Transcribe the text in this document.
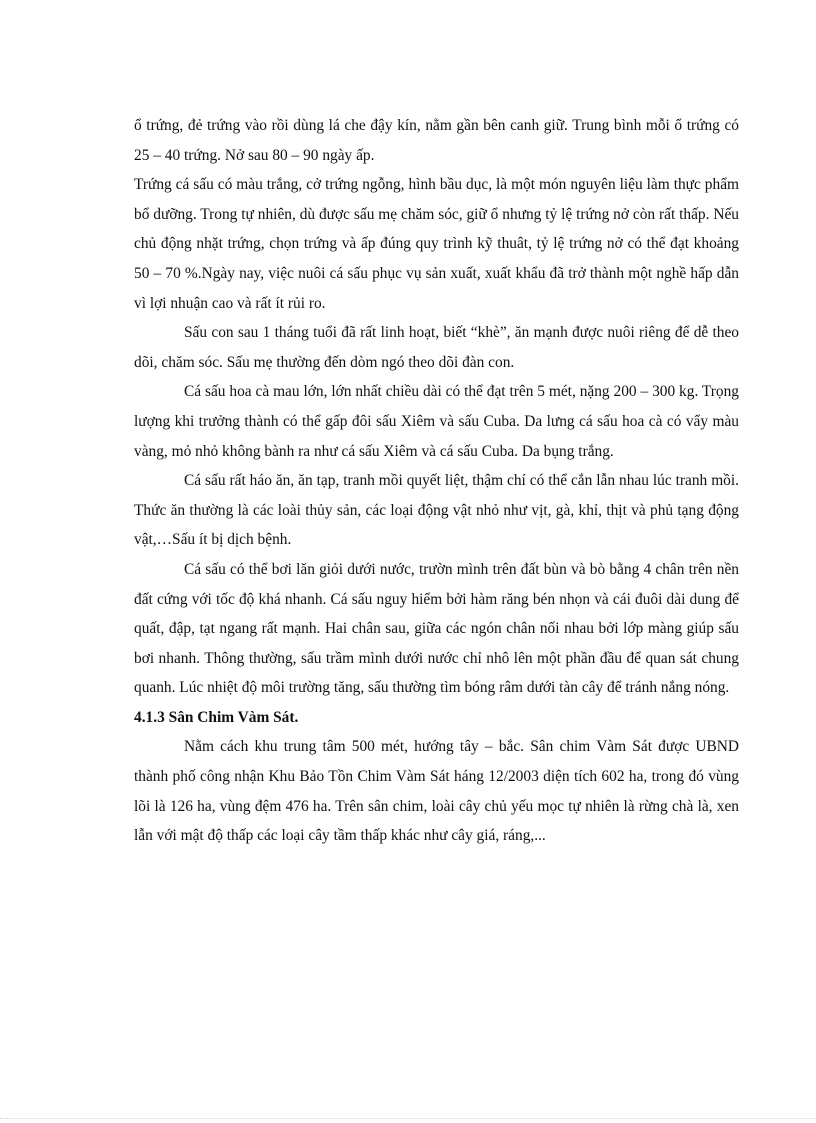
ổ trứng, đẻ trứng vào rồi dùng lá che đậy kín, nằm gần bên canh giữ. Trung bình mỗi ổ trứng có 25 – 40 trứng. Nở sau 80 – 90 ngày ấp.

Trứng cá sấu có màu trắng, cở trứng ngỗng, hình bầu dục, là một món nguyên liệu làm thực phẩm bổ dưỡng. Trong tự nhiên, dù được sấu mẹ chăm sóc, giữ ổ nhưng tỷ lệ trứng nở còn rất thấp. Nếu chủ động nhặt trứng, chọn trứng và ấp đúng quy trình kỹ thuât, tỷ lệ trứng nở có thể đạt khoảng 50 – 70 %.Ngày nay, việc nuôi cá sấu phục vụ sản xuất, xuất khẩu đã trở thành một nghề hấp dẫn vì lợi nhuận cao và rất ít rủi ro.

Sấu con sau 1 tháng tuổi đã rất linh hoạt, biết “khè”, ăn mạnh được nuôi riêng để dễ theo dõi, chăm sóc. Sấu mẹ thường đến dòm ngó theo dõi đàn con.

Cá sấu hoa cà mau lớn, lớn nhất chiều dài có thể đạt trên 5 mét, nặng 200 – 300 kg. Trọng lượng khi trưởng thành có thể gấp đôi sấu Xiêm và sấu Cuba. Da lưng cá sấu hoa cà có vẩy màu vàng, mỏ nhỏ không bành ra như cá sấu Xiêm và cá sấu Cuba. Da bụng trắng.

Cá sấu rất háo ăn, ăn tạp, tranh mồi quyết liệt, thậm chí có thể cắn lẫn nhau lúc tranh mồi. Thức ăn thường là các loài thủy sản, các loại động vật nhỏ như vịt, gà, khỉ, thịt và phủ tạng động vật,…Sấu ít bị dịch bệnh.

Cá sấu có thể bơi lăn giỏi dưới nước, trườn mình trên đất bùn và bò bằng 4 chân trên nền đất cứng với tốc độ khá nhanh. Cá sấu nguy hiểm bởi hàm răng bén nhọn và cái đuôi dài dung để quất, đập, tạt ngang rất mạnh. Hai chân sau, giữa các ngón chân nối nhau bởi lớp màng giúp sấu bơi nhanh. Thông thường, sấu trầm mình dưới nước chỉ nhô lên một phần đầu để quan sát chung quanh. Lúc nhiệt độ môi trường tăng, sấu thường tìm bóng râm dưới tàn cây để tránh nắng nóng.

4.1.3 Sân Chim Vàm Sát.

Nằm cách khu trung tâm 500 mét, hướng tây – bắc. Sân chim Vàm Sát được UBND thành phố công nhận Khu Bảo Tồn Chim Vàm Sát háng 12/2003 diện tích 602 ha, trong đó vùng lõi là 126 ha, vùng đệm 476 ha. Trên sân chim, loài cây chủ yếu mọc tự nhiên là rừng chà là, xen lẫn với mật độ thấp các loại cây tầm thấp khác như cây giá, ráng,...
